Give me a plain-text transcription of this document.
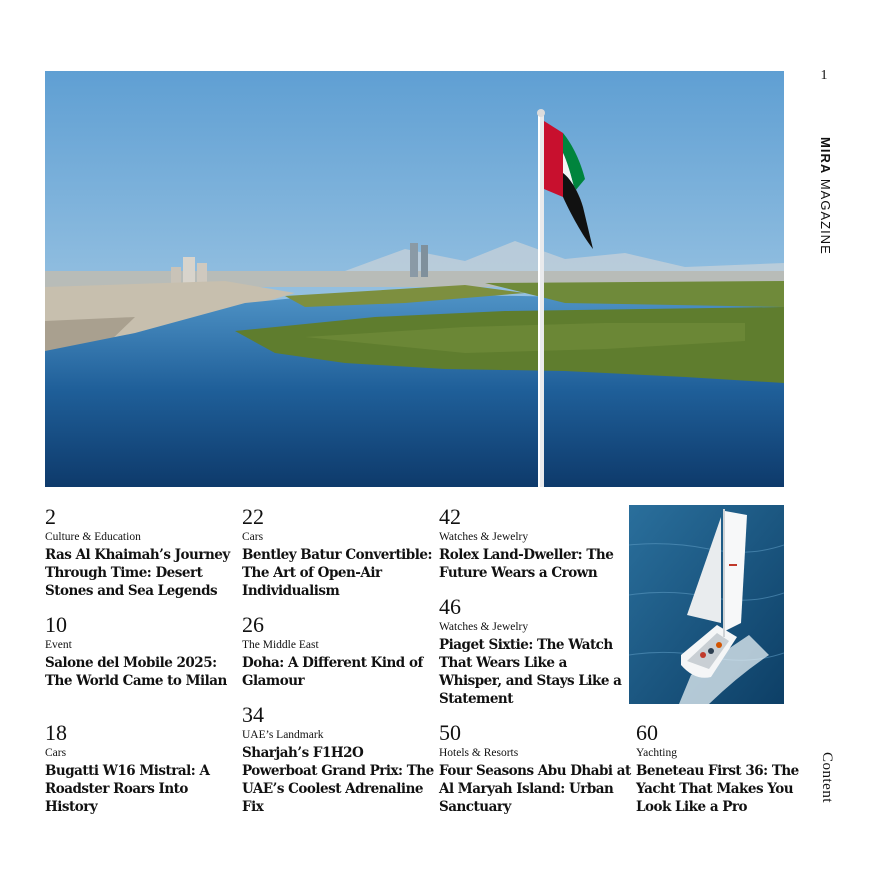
1
MIRA MAGAZINE
Content
2
Culture & Education
Ras Al Khaimah’s Journey Through Time: Desert Stones and Sea Legends
10
Event
Salone del Mobile 2025: The World Came to Milan
18
Cars
Bugatti W16 Mistral: A Roadster Roars Into History
22
Cars
Bentley Batur Convertible: The Art of Open-Air Individualism
26
The Middle East
Doha: A Different Kind of Glamour
34
UAE’s Landmark
Sharjah’s F1H2O Powerboat Grand Prix: The UAE’s Coolest Adrenaline Fix
42
Watches & Jewelry
Rolex Land-Dweller: The Future Wears a Crown
46
Watches & Jewelry
Piaget Sixtie: The Watch That Wears Like a Whisper, and Stays Like a Statement
50
Hotels & Resorts
Four Seasons Abu Dhabi at Al Maryah Island: Urban Sanctuary
60
Yachting
Beneteau First 36: The Yacht That Makes You Look Like a Pro
